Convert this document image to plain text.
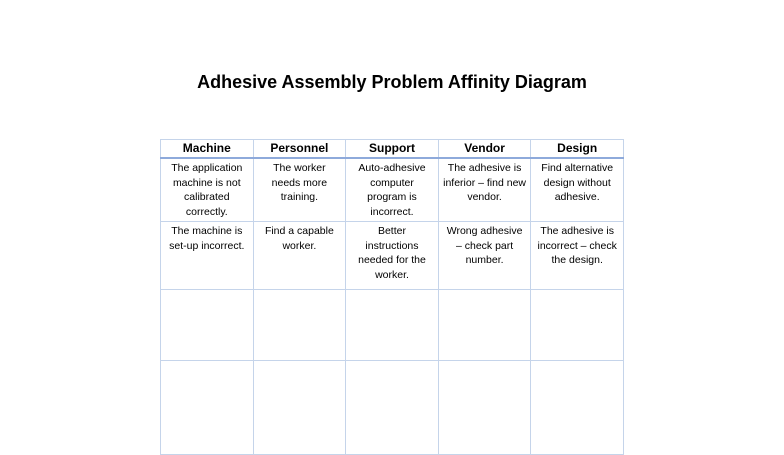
Adhesive Assembly Problem Affinity Diagram
Machine	Personnel	Support	Vendor	Design
The application machine is not calibrated correctly.	The worker needs more training.	Auto-adhesive computer program is incorrect.	The adhesive is inferior – find new vendor.	Find alternative design without adhesive.
The machine is set-up incorrect.	Find a capable worker.	Better instructions needed for the worker.	Wrong adhesive – check part number.	The adhesive is incorrect – check the design.
